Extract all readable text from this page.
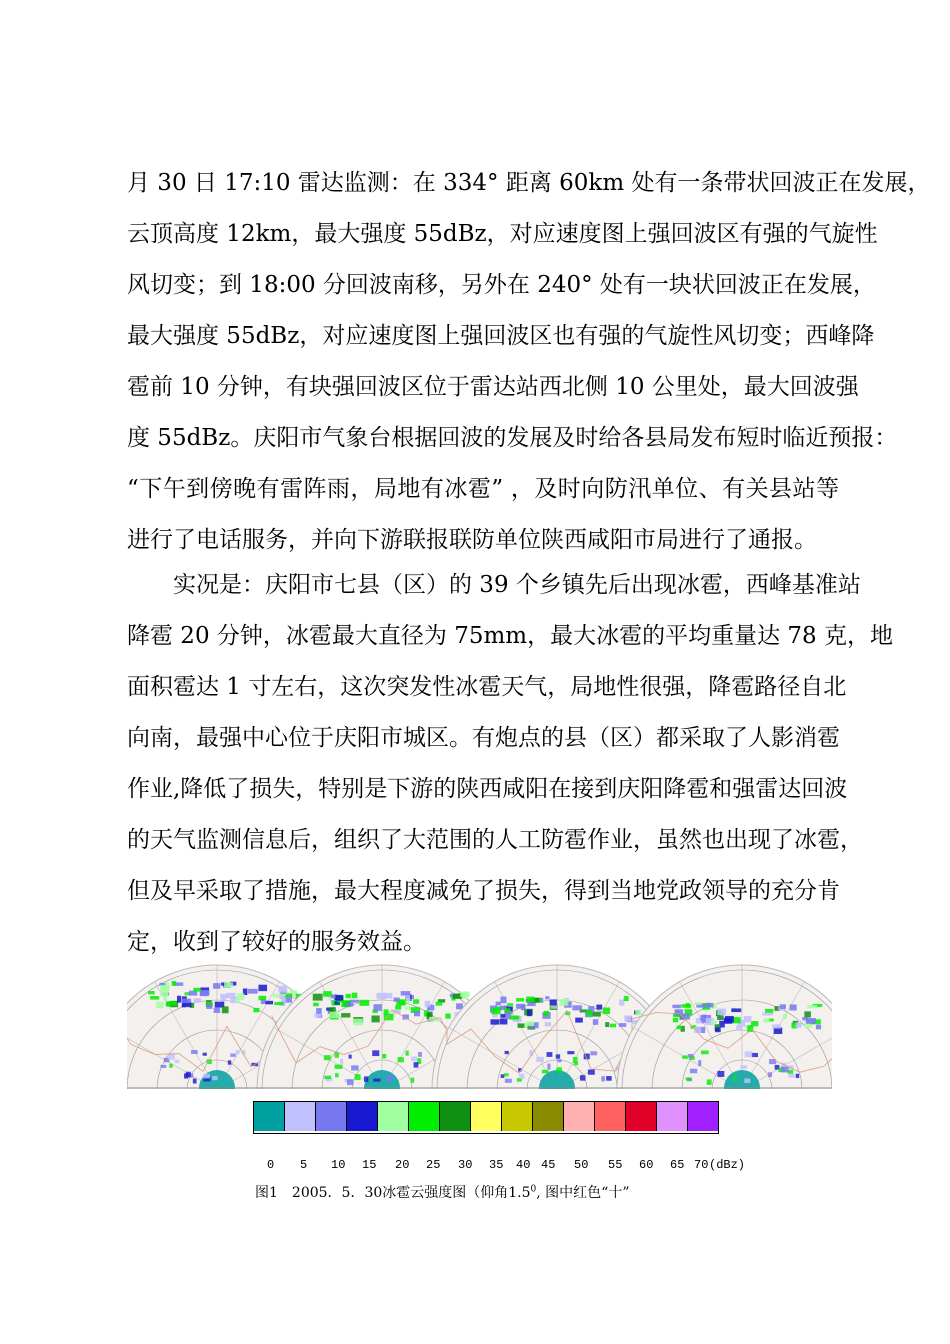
月 30 日 17:10 雷达监测：在 334° 距离 60km 处有一条带状回波正在发展，
云顶高度 12km，最大强度 55dBz，对应速度图上强回波区有强的气旋性
风切变；到 18:00 分回波南移，另外在 240° 处有一块状回波正在发展，
最大强度 55dBz，对应速度图上强回波区也有强的气旋性风切变；西峰降
雹前 10 分钟，有块强回波区位于雷达站西北侧 10 公里处，最大回波强
度 55dBz。庆阳市气象台根据回波的发展及时给各县局发布短时临近预报：
“下午到傍晚有雷阵雨，局地有冰雹” ，及时向防汛单位、有关县站等
进行了电话服务，并向下游联报联防单位陕西咸阳市局进行了通报。
　　实况是：庆阳市七县（区）的 39 个乡镇先后出现冰雹，西峰基准站
降雹 20 分钟，冰雹最大直径为 75mm，最大冰雹的平均重量达 78 克，地
面积雹达 1 寸左右，这次突发性冰雹天气，局地性很强，降雹路径自北
向南，最强中心位于庆阳市城区。有炮点的县（区）都采取了人影消雹
作业,降低了损失，特别是下游的陕西咸阳在接到庆阳降雹和强雷达回波
的天气监测信息后，组织了大范围的人工防雹作业，虽然也出现了冰雹，
但及早采取了措施，最大程度减免了损失，得到当地党政领导的充分肯
定，收到了较好的服务效益。
(dBz)
0 5 10 15 20 25 30 35 40 45 50 55 60 65 70
图1　2005．5．30冰雹云强度图（仰角$1.5^0$, 图中红色“十”
